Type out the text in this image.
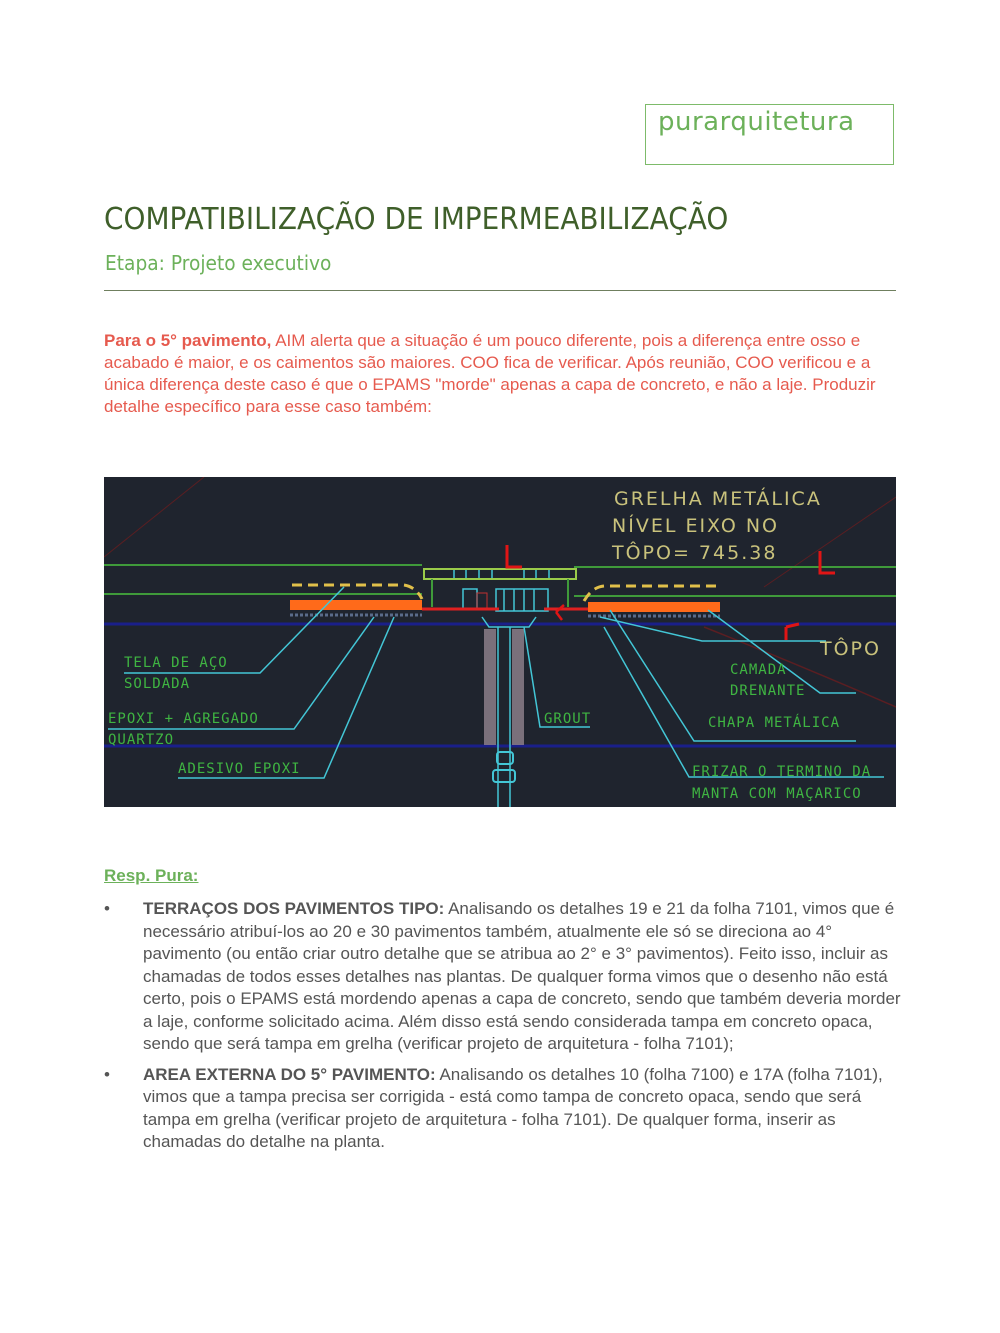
purarquitetura
COMPATIBILIZAÇÃO DE IMPERMEABILIZAÇÃO
Etapa: Projeto executivo

Para o 5° pavimento, AIM alerta que a situação é um pouco diferente, pois a diferença entre osso e acabado é maior, e os caimentos são maiores. COO fica de verificar. Após reunião, COO verificou e a única diferença deste caso é que o EPAMS "morde" apenas a capa de concreto, e não a laje. Produzir detalhe específico para esse caso também:

GRELHA METÁLICA
NÍVEL EIXO NO
TÔPO= 745.38
TÔPO
TELA DE AÇO
SOLDADA
EPOXI + AGREGADO
QUARTZO
ADESIVO EPOXI
GROUT
CAMADA
DRENANTE
CHAPA METÁLICA
FRIZAR O TERMINO DA
MANTA COM MAÇARICO
Resp. Pura:
• TERRAÇOS DOS PAVIMENTOS TIPO: Analisando os detalhes 19 e 21 da folha 7101, vimos que é necessário atribuí-los ao 20 e 30 pavimentos também, atualmente ele só se direciona ao 4° pavimento (ou então criar outro detalhe que se atribua ao 2° e 3° pavimentos). Feito isso, incluir as chamadas de todos esses detalhes nas plantas. De qualquer forma vimos que o desenho não está certo, pois o EPAMS está mordendo apenas a capa de concreto, sendo que também deveria morder a laje, conforme solicitado acima. Além disso está sendo considerada tampa em concreto opaca, sendo que será tampa em grelha (verificar projeto de arquitetura - folha 7101);
• AREA EXTERNA DO 5° PAVIMENTO: Analisando os detalhes 10 (folha 7100) e 17A (folha 7101), vimos que a tampa precisa ser corrigida - está como tampa de concreto opaca, sendo que será tampa em grelha (verificar projeto de arquitetura - folha 7101). De qualquer forma, inserir as chamadas do detalhe na planta.
